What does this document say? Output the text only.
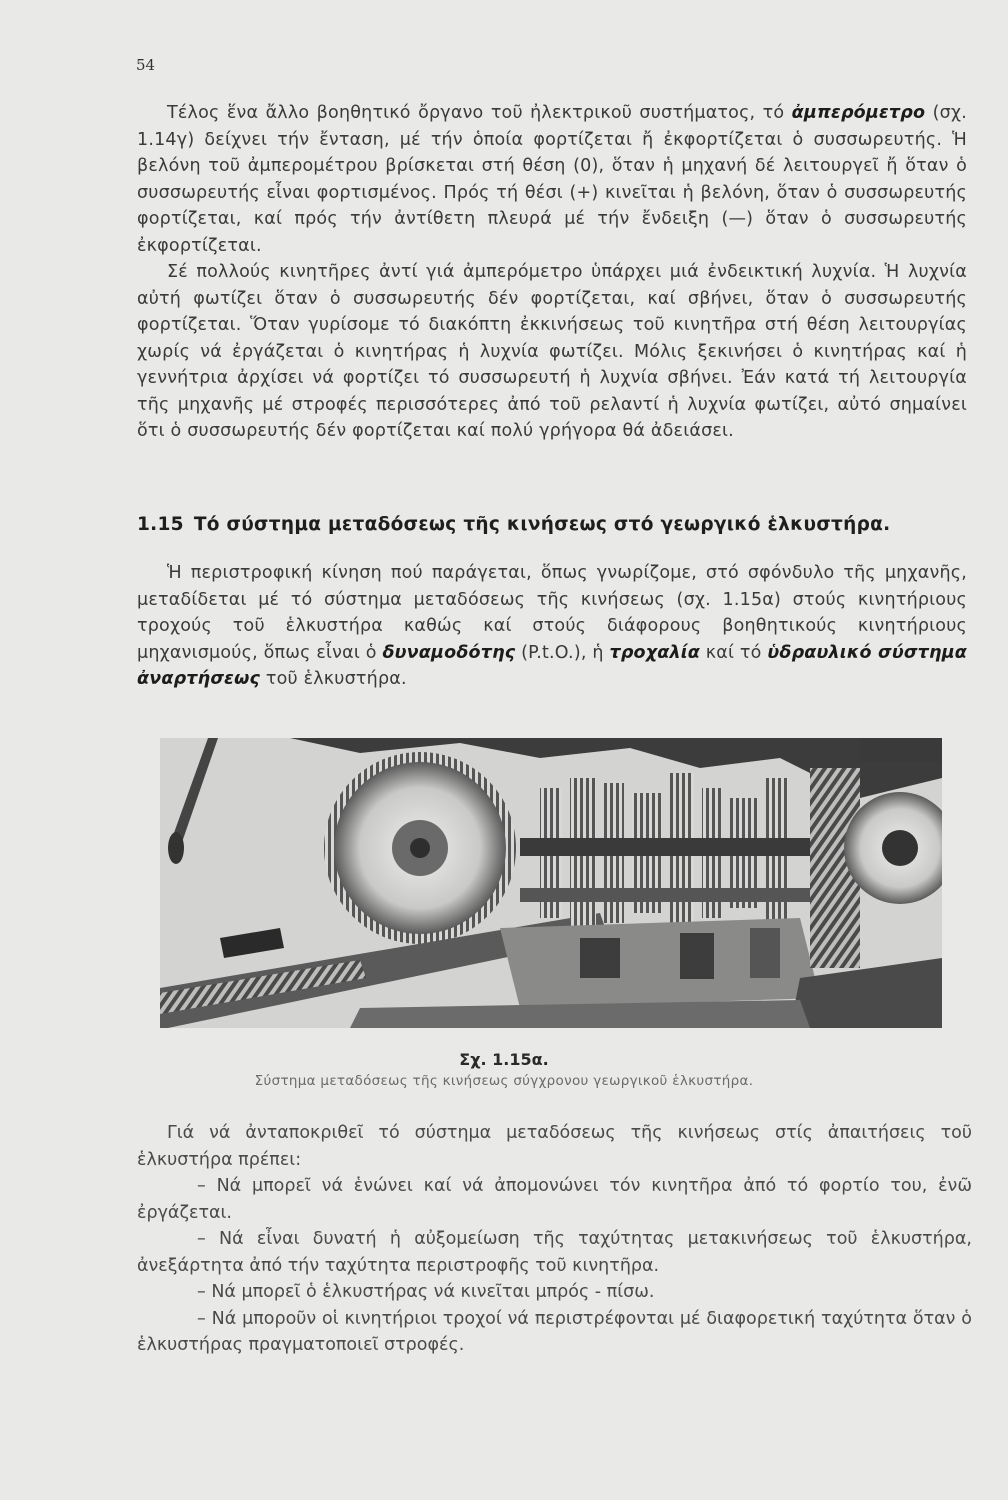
54

Τέλος ἕνα ἄλλο βοηθητικό ὄργανο τοῦ ἠλεκτρικοῦ συστήματος, τό ἀμπερόμετρο (σχ. 1.14γ) δείχνει τήν ἔνταση, μέ τήν ὁποία φορτίζεται ἤ ἐκφορτίζεται ὁ συσσωρευτής. Ἡ βελόνη τοῦ ἀμπερομέτρου βρίσκεται στή θέση (0), ὅταν ἡ μηχανή δέ λειτουργεῖ ἤ ὅταν ὁ συσσωρευτής εἶναι φορτισμένος. Πρός τή θέσι (+) κινεῖται ἡ βελόνη, ὅταν ὁ συσσωρευτής φορτίζεται, καί πρός τήν ἀντίθετη πλευρά μέ τήν ἔνδειξη (—) ὅταν ὁ συσσωρευτής ἐκφορτίζεται.

Σέ πολλούς κινητῆρες ἀντί γιά ἀμπερόμετρο ὑπάρχει μιά ἐνδεικτική λυχνία. Ἡ λυχνία αὐτή φωτίζει ὅταν ὁ συσσωρευτής δέν φορτίζεται, καί σβήνει, ὅταν ὁ συσσωρευτής φορτίζεται. Ὅταν γυρίσομε τό διακόπτη ἐκκινήσεως τοῦ κινητῆρα στή θέση λειτουργίας χωρίς νά ἐργάζεται ὁ κινητήρας ἡ λυχνία φωτίζει. Μόλις ξεκινήσει ὁ κινητήρας καί ἡ γεννήτρια ἀρχίσει νά φορτίζει τό συσσωρευτή ἡ λυχνία σβήνει. Ἐάν κατά τή λειτουργία τῆς μηχανῆς μέ στροφές περισσότερες ἀπό τοῦ ρελαντί ἡ λυχνία φωτίζει, αὐτό σημαίνει ὅτι ὁ συσσωρευτής δέν φορτίζεται καί πολύ γρήγορα θά ἀδειάσει.

1.15 Τό σύστημα μεταδόσεως τῆς κινήσεως στό γεωργικό ἑλκυστήρα.

Ἡ περιστροφική κίνηση πού παράγεται, ὅπως γνωρίζομε, στό σφόνδυλο τῆς μηχανῆς, μεταδίδεται μέ τό σύστημα μεταδόσεως τῆς κινήσεως (σχ. 1.15α) στούς κινητήριους τροχούς τοῦ ἑλκυστήρα καθώς καί στούς διάφορους βοηθητικούς κινητήριους μηχανισμούς, ὅπως εἶναι ὁ δυναμοδότης (P.t.O.), ἡ τροχαλία καί τό ὑδραυλικό σύστημα ἀναρτήσεως τοῦ ἑλκυστήρα.

Σχ. 1.15α.
Σύστημα μεταδόσεως τῆς κινήσεως σύγχρονου γεωργικοῦ ἑλκυστήρα.

Γιά νά ἀνταποκριθεῖ τό σύστημα μεταδόσεως τῆς κινήσεως στίς ἀπαιτήσεις τοῦ ἑλκυστήρα πρέπει:

– Νά μπορεῖ νά ἑνώνει καί νά ἀπομονώνει τόν κινητῆρα ἀπό τό φορτίο του, ἐνῶ ἐργάζεται.

– Νά εἶναι δυνατή ἡ αὐξομείωση τῆς ταχύτητας μετακινήσεως τοῦ ἑλκυστήρα, ἀνεξάρτητα ἀπό τήν ταχύτητα περιστροφῆς τοῦ κινητῆρα.

– Νά μπορεῖ ὁ ἑλκυστήρας νά κινεῖται μπρός - πίσω.

– Νά μποροῦν οἱ κινητήριοι τροχοί νά περιστρέφονται μέ διαφορετική ταχύτητα ὅταν ὁ ἑλκυστήρας πραγματοποιεῖ στροφές.
